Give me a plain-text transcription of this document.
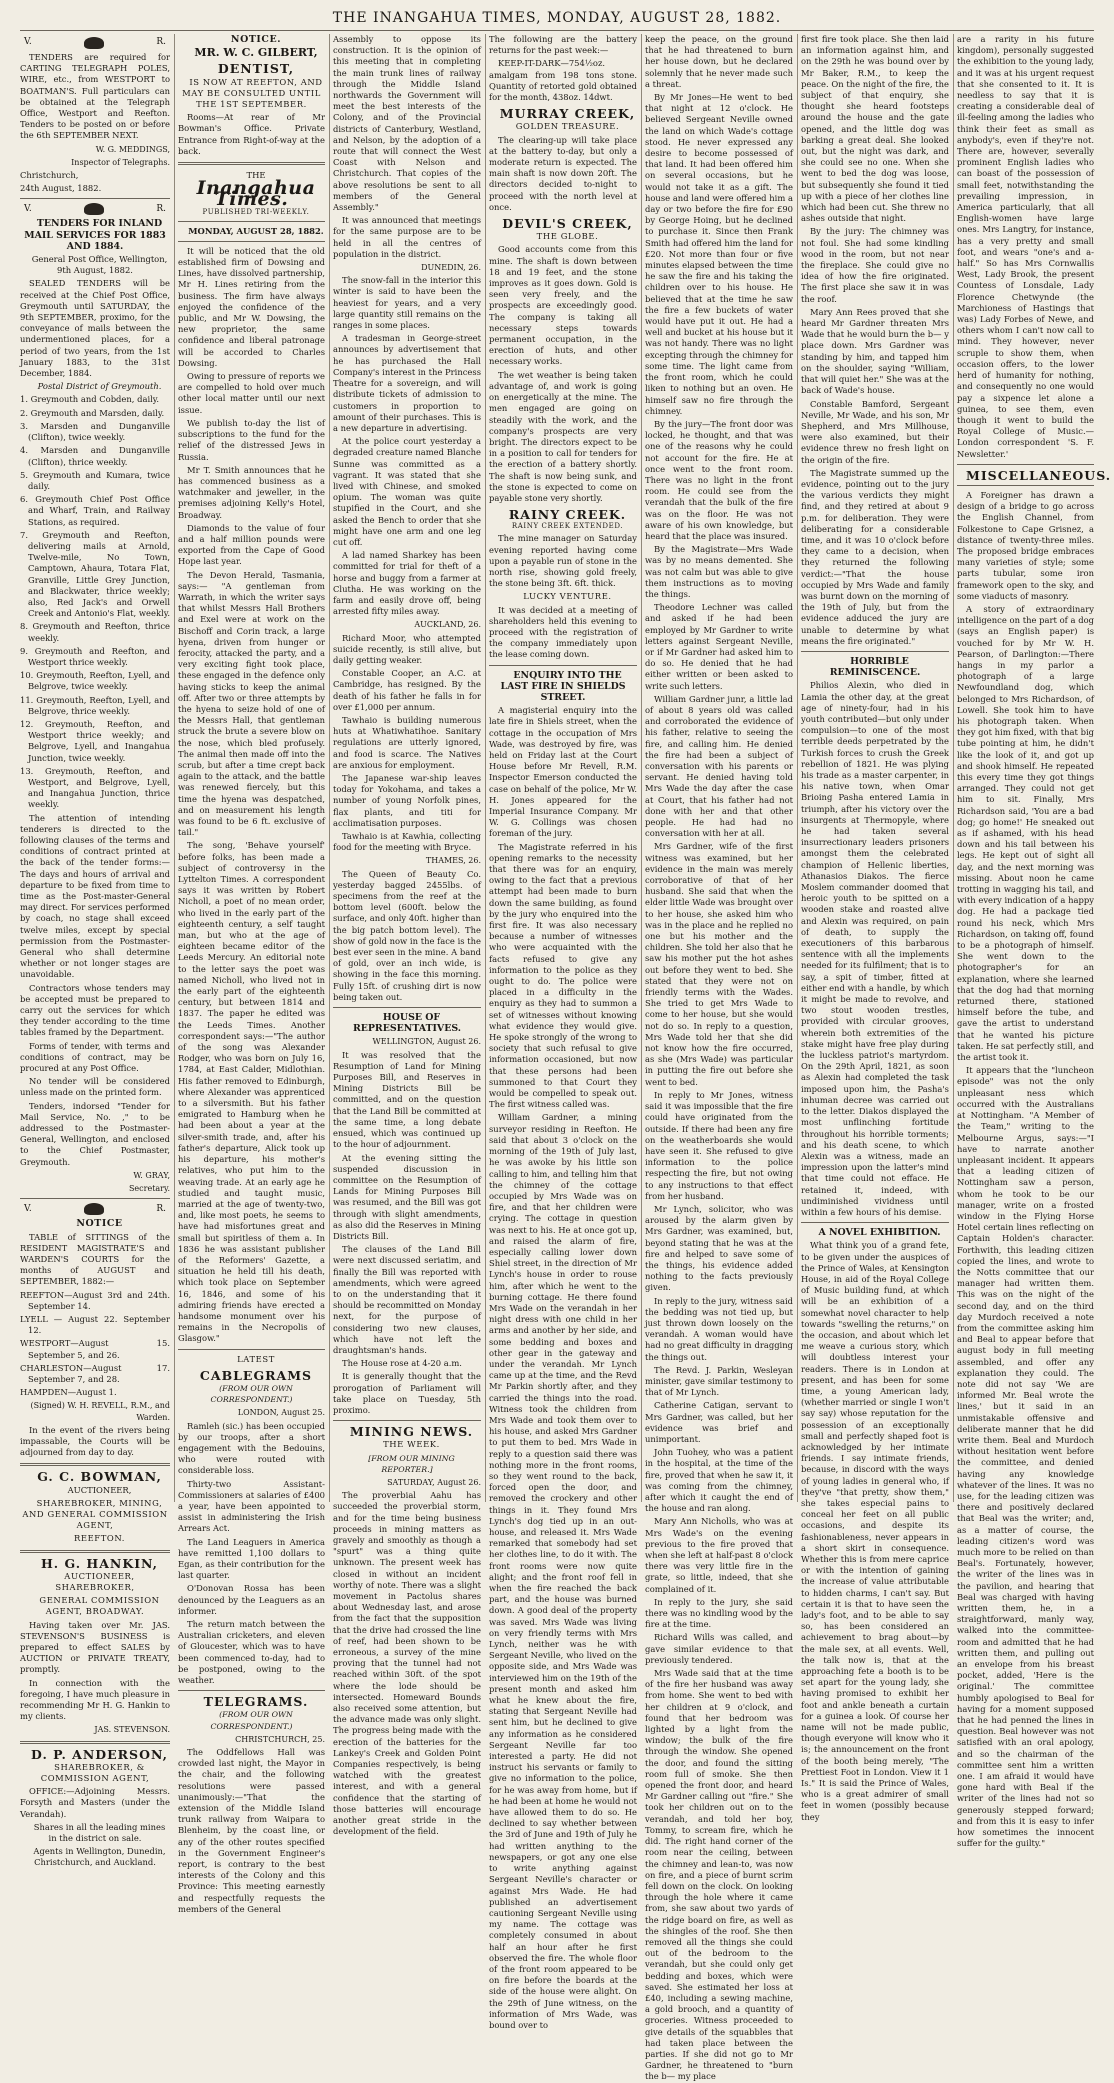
THE INANGAHUA TIMES, MONDAY, AUGUST 28, 1882.
V.	R.

TENDERS are required for CARTING TELEGRAPH POLES, WIRE, etc., from WESTPORT to BOATMAN'S. Full particulars can be obtained at the Telegraph Office, Westport and Reefton. Tenders to be posted on or before the 6th SEPTEMBER NEXT.

W. G. MEDDINGS,

Inspector of Telegraphs.

Christchurch,

24th August, 1882.

V.	R.

TENDERS FOR INLAND MAIL SERVICES FOR 1883 AND 1884.

General Post Office, Wellington, 9th August, 1882.

SEALED TENDERS will be received at the Chief Post Office, Greymouth until SATURDAY, the 9th SEPTEMBER, proximo, for the conveyance of mails between the undermentioned places, for a period of two years, from the 1st January 1883, to the 31st December, 1884.

Postal District of Greymouth.

1. Greymouth and Cobden, daily.

2. Greymouth and Marsden, daily.

3. Marsden and Dunganville (Clifton), twice weekly.

4. Marsden and Dunganville (Clifton), thrice weekly.

5. Greymouth and Kumara, twice daily.

6. Greymouth Chief Post Office and Wharf, Train, and Railway Stations, as required.

7. Greymouth and Reefton, delivering mails at Arnold, Twelve-mile, No Town, Camptown, Ahaura, Totara Flat, Granville, Little Grey Junction, and Blackwater, thrice weekly; also, Red Jack's and Orwell Creek and Antonio's Flat, weekly.

8. Greymouth and Reefton, thrice weekly.

9. Greymouth and Reefton, and Westport thrice weekly.

10. Greymouth, Reefton, Lyell, and Belgrove, twice weekly.

11. Greymouth, Reefton, Lyell, and Belgrove, thrice weekly.

12. Greymouth, Reefton, and Westport thrice weekly; and Belgrove, Lyell, and Inangahua Junction, twice weekly.

13. Greymouth, Reefton, and Westport, and Belgrove, Lyell, and Inangahua Junction, thrice weekly.

The attention of intending tenderers is directed to the following clauses of the terms and conditions of contract printed at the back of the tender forms:— The days and hours of arrival and departure to be fixed from time to time as the Post-master-General may direct. For services performed by coach, no stage shall exceed twelve miles, except by special permission from the Postmaster-General who shall determine whether or not longer stages are unavoidable.

Contractors whose tenders may be accepted must be prepared to carry out the services for which they tender according to the time tables framed by the Department.

Forms of tender, with terms and conditions of contract, may be procured at any Post Office.

No tender will be considered unless made on the printed form.

Tenders, indorsed "Tender for Mail Service, No. ," to be addressed to the Postmaster-General, Wellington, and enclosed to the Chief Postmaster, Greymouth.

W. GRAY,

Secretary.

V.	R.

NOTICE

TABLE of SITTINGS of the RESIDENT MAGISTRATE'S and WARDEN'S COURTS for the months of AUGUST and SEPTEMBER, 1882:—

REEFTON—August 3rd and 24th. September 14.

LYELL — August 22. September 12.

WESTPORT—August 15. September 5, and 26.

CHARLESTON—August 17. September 7, and 28.

HAMPDEN—August 1.

(Signed) W. H. REVELL, R.M., and Warden.

In the event of the rivers being impassable, the Courts will be adjourned from day to day.

G. C. BOWMAN,

AUCTIONEER,

SHAREBROKER, MINING, AND GENERAL COMMISSION AGENT,

REEFTON.

H. G. HANKIN,

AUCTIONEER, SHAREBROKER,

GENERAL COMMISSION AGENT, BROADWAY.

Having taken over Mr. JAS. STEVENSON'S BUSINESS is prepared to effect SALES by AUCTION or PRIVATE TREATY, promptly.

In connection with the foregoing, I have much pleasure in recommending Mr H. G. Hankin to my clients.

JAS. STEVENSON.

D. P. ANDERSON,

SHAREBROKER, & COMMISSION AGENT,

OFFICE:—Adjoining Messrs. Forsyth and Masters (under the Verandah).

Shares in all the leading mines in the district on sale.

Agents in Wellington, Dunedin, Christchurch, and Auckland.

NOTICE.

MR. W. C. GILBERT,

DENTIST,

IS NOW AT REEFTON, AND MAY BE CONSULTED UNTIL THE 1ST SEPTEMBER.

Rooms—At rear of Mr Bowman's Office. Private Entrance from Right-of-way at the back.

THE

Inangahua Times.

PUBLISHED TRI-WEEKLY.

MONDAY, AUGUST 28, 1882.

It will be noticed that the old established firm of Dowsing and Lines, have dissolved partnership, Mr H. Lines retiring from the business. The firm have always enjoyed the confidence of the public, and Mr W. Dowsing, the new proprietor, the same confidence and liberal patronage will be accorded to Charles Dowsing.

Owing to pressure of reports we are compelled to hold over much other local matter until our next issue.

We publish to-day the list of subscriptions to the fund for the relief of the distressed Jews in Russia.

Mr T. Smith announces that he has commenced business as a watchmaker and jeweller, in the premises adjoining Kelly's Hotel, Broadway.

Diamonds to the value of four and a half million pounds were exported from the Cape of Good Hope last year.

The Devon Herald, Tasmania, says:— "A gentleman from Warrath, in which the writer says that whilst Messrs Hall Brothers and Exel were at work on the Bischoff and Corin track, a large hyena, driven from hunger or ferocity, attacked the party, and a very exciting fight took place, these engaged in the defence only having sticks to keep the animal off. After two or three attempts by the hyena to seize hold of one of the Messrs Hall, that gentleman struck the brute a severe blow on the nose, which bled profusely. The animal then made off into the scrub, but after a time crept back again to the attack, and the battle was renewed fiercely, but this time the hyena was despatched, and on measurement his length was found to be 6 ft. exclusive of tail."

The song, 'Behave yourself' before folks, has been made a subject of controversy in the Lyttelton Times. A correspondent says it was written by Robert Nicholl, a poet of no mean order, who lived in the early part of the eighteenth century, a self taught man, but who at the age of eighteen became editor of the Leeds Mercury. An editorial note to the letter says the poet was named Nicholl, who lived not in the early part of the eighteenth century, but between 1814 and 1837. The paper he edited was the Leeds Times. Another correspondent says:—"The author of the song was Alexander Rodger, who was born on July 16, 1784, at East Calder, Midlothian. His father removed to Edinburgh, where Alexander was apprenticed to a silversmith. But his father emigrated to Hamburg when he had been about a year at the silver-smith trade, and, after his father's departure, Alick took up his departure, his mother's relatives, who put him to the weaving trade. At an early age he studied and taught music, married at the age of twenty-two, and, like most poets, he seems to have had misfortunes great and small but spiritless of them a. In 1836 he was assistant publisher of the Reformers' Gazette, a situation he held till his death, which took place on September 16, 1846, and some of his admiring friends have erected a handsome monument over his remains in the Necropolis of Glasgow."

LATEST

CABLEGRAMS

(FROM OUR OWN CORRESPONDENT.)

LONDON, August 25.

Ramleh (sic.) has been occupied by our troops, after a short engagement with the Bedouins, who were routed with considerable loss.

Thirty-two Assistant-Commissioners at salaries of £400 a year, have been appointed to assist in administering the Irish Arrears Act.

The Land Leaguers in America have remitted 1,100 dollars to Egan, as their contribution for the last quarter.

O'Donovan Rossa has been denounced by the Leaguers as an informer.

The return match between the Australian cricketers, and eleven of Gloucester, which was to have been commenced to-day, had to be postponed, owing to the weather.

TELEGRAMS.

(FROM OUR OWN CORRESPONDENT.)

CHRISTCHURCH, 25.

The Oddfellows Hall was crowded last night, the Mayor in the chair, and the following resolutions were passed unanimously:—"That the extension of the Middle Island trunk railway from Waipara to Blenheim, by the coast line, or any of the other routes specified in the Government Engineer's report, is contrary to the best interests of the Colony and this Province: This meeting earnestly and respectfully requests the members of the General

Assembly to oppose its construction. It is the opinion of this meeting that in completing the main trunk lines of railway through the Middle Island northwards the Government will meet the best interests of the Colony, and of the Provincial districts of Canterbury, Westland, and Nelson, by the adoption of a route that will connect the West Coast with Nelson and Christchurch. That copies of the above resolutions be sent to all members of the General Assembly."

It was announced that meetings for the same purpose are to be held in all the centres of population in the district.

DUNEDIN, 26.

The snow-fall in the interior this winter is said to have been the heaviest for years, and a very large quantity still remains on the ranges in some places.

A tradesman in George-street announces by advertisement that he has purchased the Hall Company's interest in the Princess Theatre for a sovereign, and will distribute tickets of admission to customers in proportion to amount of their purchases. This is a new departure in advertising.

At the police court yesterday a degraded creature named Blanche Sunne was committed as a vagrant. It was stated that she lived with Chinese, and smoked opium. The woman was quite stupified in the Court, and she asked the Bench to order that she might have one arm and one leg cut off.

A lad named Sharkey has been committed for trial for theft of a horse and buggy from a farmer at Clutha. He was working on the farm and easily drove off, being arrested fifty miles away.

AUCKLAND, 26.

Richard Moor, who attempted suicide recently, is still alive, but daily getting weaker.

Constable Cooper, an A.C. at Cambridge, has resigned. By the death of his father he falls in for over £1,000 per annum.

Tawhaio is building numerous huts at Whatiwhatihoe. Sanitary regulations are utterly ignored, and food is scarce. The Natives are anxious for employment.

The Japanese war-ship leaves today for Yokohama, and takes a number of young Norfolk pines, flax plants, and titi for acclimatisation purposes.

Tawhaio is at Kawhia, collecting food for the meeting with Bryce.

THAMES, 26.

The Queen of Beauty Co. yesterday bagged 2455lbs. of specimens from the reef at the bottom level (600ft. below the surface, and only 40ft. higher than the big patch bottom level). The show of gold now in the face is the best ever seen in the mine. A band of gold, over an inch wide, is showing in the face this morning. Fully 15ft. of crushing dirt is now being taken out.

HOUSE OF REPRESENTATIVES.

WELLINGTON, August 26.

It was resolved that the Resumption of Land for Mining Purposes Bill, and Reserves in Mining Districts Bill be committed, and on the question that the Land Bill be committed at the same time, a long debate ensued, which was continued up to the hour of adjournment.

At the evening sitting the suspended discussion in committee on the Resumption of Lands for Mining Purposes Bill was resumed, and the Bill was got through with slight amendments, as also did the Reserves in Mining Districts Bill.

The clauses of the Land Bill were next discussed seriatim, and finally the Bill was reported with amendments, which were agreed to on the understanding that it should be recommitted on Monday next, for the purpose of considering two new clauses, which have not left the draughtsman's hands.

The House rose at 4-20 a.m.

It is generally thought that the prorogation of Parliament will take place on Tuesday, 5th proximo.

MINING NEWS.

THE WEEK.

[FROM OUR MINING REPORTER.]

SATURDAY, August 26.

The proverbial Aahu has succeeded the proverbial storm, and for the time being business proceeds in mining matters as gravely and smoothly as though a "spurt" was a thing quite unknown. The present week has closed in without an incident worthy of note. There was a slight movement in Pactolus shares about Wednesday last, and arose from the fact that the supposition that the drive had crossed the line of reef, had been shown to be erroneous, a survey of the mine proving that the tunnel had not reached within 30ft. of the spot where the lode should be intersected. Homeward Bounds also received some attention, but the advance made was only slight. The progress being made with the erection of the batteries for the Lankey's Creek and Golden Point Companies respectively, is being watched with the greatest interest, and with a general confidence that the starting of those batteries will encourage another great stride in the development of the field.

The following are the battery returns for the past week:—

KEEP-IT-DARK—754½oz. amalgam from 198 tons stone. Quantity of retorted gold obtained for the month, 438oz. 14dwt.

MURRAY CREEK,

GOLDEN TREASURE.

The clearing-up will take place at the battery to-day, but only a moderate return is expected. The main shaft is now down 20ft. The directors decided to-night to proceed with the north level at once.

DEVIL'S CREEK,

THE GLOBE.

Good accounts come from this mine. The shaft is down between 18 and 19 feet, and the stone improves as it goes down. Gold is seen very freely, and the prospects are exceedingly good. The company is taking all necessary steps towards permanent occupation, in the erection of huts, and other necessary works.

The wet weather is being taken advantage of, and work is going on energetically at the mine. The men engaged are going on steadily with the work, and the company's prospects are very bright. The directors expect to be in a position to call for tenders for the erection of a battery shortly. The shaft is now being sunk, and the stone is expected to come on payable stone very shortly.

RAINY CREEK.

RAINY CREEK EXTENDED.

The mine manager on Saturday evening reported having come upon a payable run of stone in the north rise, showing gold freely, the stone being 3ft. 6ft. thick.

LUCKY VENTURE.

It was decided at a meeting of shareholders held this evening to proceed with the registration of the company immediately upon the lease coming down.

ENQUIRY INTO THE LAST FIRE IN SHIELDS STREET.

A magisterial enquiry into the late fire in Shiels street, when the cottage in the occupation of Mrs Wade, was destroyed by fire, was held on Friday last at the Court House before Mr Revell, R.M. Inspector Emerson conducted the case on behalf of the police, Mr W. H. Jones appeared for the Imperial Insurance Company. Mr W. G. Collings was chosen foreman of the jury.

The Magistrate referred in his opening remarks to the necessity that there was for an enquiry, owing to the fact that a previous attempt had been made to burn down the same building, as found by the jury who enquired into the first fire. It was also necessary because a number of witnesses who were acquainted with the facts refused to give any information to the police as they ought to do. The police were placed in a difficulty in the enquiry as they had to summon a set of witnesses without knowing what evidence they would give. He spoke strongly of the wrong to society that such refusal to give information occasioned, but now that these persons had been summoned to that Court they would be compelled to speak out. The first witness called was.

William Gardner, a mining surveyor residing in Reefton. He said that about 3 o'clock on the morning of the 19th of July last, he was awoke by his little son calling to him, and telling him that the chimney of the cottage occupied by Mrs Wade was on fire, and that her children were crying. The cottage in question was next to his. He at once got up, and raised the alarm of fire, especially calling lower down Shiel street, in the direction of Mr Lynch's house in order to rouse him, after which he went to the burning cottage. He there found Mrs Wade on the verandah in her night dress with one child in her arms and another by her side, and some bedding and boxes and other gear in the gateway and under the verandah. Mr Lynch came up at the time, and the Revd Mr Parkin shortly after, and they carried the things into the road. Witness took the children from Mrs Wade and took them over to his house, and asked Mrs Gardner to put them to bed. Mrs Wade in reply to a question said there was nothing more in the front rooms, so they went round to the back, forced open the door, and removed the crockery and other things in it. They found Mrs Lynch's dog tied up in an out-house, and released it. Mrs Wade remarked that somebody had set her clothes line, to do it with. The front rooms were now quite alight; and the front roof fell in when the fire reached the back part, and the house was burned down. A good deal of the property was saved. Mrs Wade was living on very friendly terms with Mrs Lynch, neither was he with Sergeant Neville, who lived on the opposite side, and Mrs Wade was interviewed him on the 19th of the present month and asked him what he knew about the fire, stating that Sergeant Neville had sent him, but he declined to give any information as he considered Sergeant Neville far too interested a party. He did not instruct his servants or family to give no information to the police, for he was away from home, but if he had been at home he would not have allowed them to do so. He declined to say whether between the 3rd of June and 19th of July he had written anything to the newspapers, or got any one else to write anything against Sergeant Neville's character or against Mrs Wade. He had published an advertisement cautioning Sergeant Neville using my name. The cottage was completely consumed in about half an hour after he first observed the fire. The whole floor of the front room appeared to be on fire before the boards at the side of the house were alight. On the 29th of June witness, on the information of Mrs Wade, was bound over to

keep the peace, on the ground that he had threatened to burn her house down, but he declared solemnly that he never made such a threat.

By Mr Jones—He went to bed that night at 12 o'clock. He believed Sergeant Neville owned the land on which Wade's cottage stood. He never expressed any desire to become possessed of that land. It had been offered him on several occasions, but he would not take it as a gift. The house and land were offered him a day or two before the fire for £90 by George Hoing, but he declined to purchase it. Since then Frank Smith had offered him the land for £20. Not more than four or five minutes elapsed between the time he saw the fire and his taking the children over to his house. He believed that at the time he saw the fire a few buckets of water would have put it out. He had a well and bucket at his house but it was not handy. There was no light excepting through the chimney for some time. The light came from the front room, which he could liken to nothing but an oven. He himself saw no fire through the chimney.

By the jury—The front door was locked, he thought, and that was one of the reasons why he could not account for the fire. He at once went to the front room. There was no light in the front room. He could see from the verandah that the bulk of the fire was on the floor. He was not aware of his own knowledge, but heard that the place was insured.

By the Magistrate—Mrs Wade was by no means demented. She was not calm but was able to give them instructions as to moving the things.

Theodore Lechner was called and asked if he had been employed by Mr Gardner to write letters against Sergeant Neville, or if Mr Gardner had asked him to do so. He denied that he had either written or been asked to write such letters.

William Gardner junr, a little lad of about 8 years old was called and corroborated the evidence of his father, relative to seeing the fire, and calling him. He denied the fire had been a subject of conversation with his parents or servant. He denied having told Mrs Wade the day after the case at Court, that his father had not done with her and that other people. He had had no conversation with her at all.

Mrs Gardner, wife of the first witness was examined, but her evidence in the main was merely corroborative of that of her husband. She said that when the elder little Wade was brought over to her house, she asked him who was in the place and he replied no one but his mother and the children. She told her also that he saw his mother put the hot ashes out before they went to bed. She stated that they were not on friendly terms with the Wades. She tried to get Mrs Wade to come to her house, but she would not do so. In reply to a question, Mrs Wade told her that she did not know how the fire occurred, as she (Mrs Wade) was particular in putting the fire out before she went to bed.

In reply to Mr Jones, witness said it was impossible that the fire could have originated from the outside. If there had been any fire on the weatherboards she would have seen it. She refused to give information to the police respecting the fire, but not owing to any instructions to that effect from her husband.

Mr Lynch, solicitor, who was aroused by the alarm given by Mrs Gardner, was examined, but, beyond stating that he was at the fire and helped to save some of the things, his evidence added nothing to the facts previously given.

In reply to the jury, witness said the bedding was not tied up, but just thrown down loosely on the verandah. A woman would have had no great difficulty in dragging the things out.

The Revd. J. Parkin, Wesleyan minister, gave similar testimony to that of Mr Lynch.

Catherine Catigan, servant to Mrs Gardner, was called, but her evidence was brief and unimportant.

John Tuohey, who was a patient in the hospital, at the time of the fire, proved that when he saw it, it was coming from the chimney, after which it caught the end of the house and ran along.

Mary Ann Nicholls, who was at Mrs Wade's on the evening previous to the fire proved that when she left at half-past 8 o'clock there was very little fire in the grate, so little, indeed, that she complained of it.

In reply to the jury, she said there was no kindling wood by the fire at the time.

Richard Wills was called, and gave similar evidence to that previously tendered.

Mrs Wade said that at the time of the fire her husband was away from home. She went to bed with her children at 9 o'clock, and found that her bedroom was lighted by a light from the window; the bulk of the fire through the window. She opened the door, and found the sitting room full of smoke. She then opened the front door, and heard Mr Gardner calling out "fire." She took her children out on to the verandah, and told her boy, Tommy, to scream fire, which he did. The right hand corner of the room near the ceiling, between the chimney and lean-to, was now on fire, and a piece of burnt scrim fell down on the clock. On looking through the hole where it came from, she saw about two yards of the ridge board on fire, as well as the shingles of the roof. She then removed all the things she could out of the bedroom to the verandah, but she could only get bedding and boxes, which were saved. She estimated her loss at £40, including a sewing machine, a gold brooch, and a quantity of groceries. Witness proceeded to give details of the squabbles that had taken place between the parties. If she did not go to Mr Gardner, he threatened to "burn the b— my place

first fire took place. She then laid an information against him, and on the 29th he was bound over by Mr Baker, R.M., to keep the peace. On the night of the fire, the subject of that enquiry, she thought she heard footsteps around the house and the gate opened, and the little dog was barking a great deal. She looked out, but the night was dark, and she could see no one. When she went to bed the dog was loose, but subsequently she found it tied up with a piece of her clothes line which had been cut. She threw no ashes outside that night.

By the jury: The chimney was not foul. She had some kindling wood in the room, but not near the fireplace. She could give no idea of how the fire originated. The first place she saw it in was the roof.

Mary Ann Rees proved that she heard Mr Gardner threaten Mrs Wade that he would burn the b— y place down. Mrs Gardner was standing by him, and tapped him on the shoulder, saying "William, that will quiet her." She was at the back of Wade's house.

Constable Bamford, Sergeant Neville, Mr Wade, and his son, Mr Shepherd, and Mrs Millhouse, were also examined, but their evidence threw no fresh light on the origin of the fire.

The Magistrate summed up the evidence, pointing out to the jury the various verdicts they might find, and they retired at about 9 p.m. for deliberation. They were deliberating for a considerable time, and it was 10 o'clock before they came to a decision, when they returned the following verdict:—"That the house occupied by Mrs Wade and family was burnt down on the morning of the 19th of July, but from the evidence adduced the jury are unable to determine by what means the fire originated."

HORRIBLE REMINISCENCE.

Philios Alexin, who died in Lamia the other day, at the great age of ninety-four, had in his youth contributed—but only under compulsion—to one of the most terrible deeds perpetrated by the Turkish forces to crush the Greek rebellion of 1821. He was plying his trade as a master carpenter, in his native town, when Omar Brioing Pasha entered Lamia in triumph, after his victory over the insurgents at Thermopyle, where he had taken several insurrectionary leaders prisoners amongst them the celebrated champion of Hellenic liberties, Athanasios Diakos. The fierce Moslem commander doomed that heroic youth to be spitted on a wooden stake and roasted alive and Alexin was required, on pain of death, to supply the executioners of this barbarous sentence with all the implements needed for its fulfilment; that is to say, a spit of timber, fitted at either end with a handle, by which it might be made to revolve, and two stout wooden trestles, provided with circular grooves, wherein both extremities of the stake might have free play during the luckless patriot's martyrdom. On the 29th April, 1821, as soon as Alexin had completed the task imposed upon him, the Pasha's inhuman decree was carried out to the letter. Diakos displayed the most unflinching fortitude throughout his horrible torments; and his death scene, to which Alexin was a witness, made an impression upon the latter's mind that time could not efface. He retained it, indeed, with undiminished vividness until within a few hours of his demise.

A NOVEL EXHIBITION.

What think you of a grand fete, to be given under the auspices of the Prince of Wales, at Kensington House, in aid of the Royal College of Music building fund, at which will be an exhibition of a somewhat novel character to help towards "swelling the returns," on the occasion, and about which let me weave a curious story, which will doubtless interest your readers. There is in London at present, and has been for some time, a young American lady, (whether married or single I won't say say) whose reputation for the possession of an exceptionally small and perfectly shaped foot is acknowledged by her intimate friends. I say intimate friends, because, in discord with the ways of young ladies in general who, if they've "that pretty, show them," she takes especial pains to conceal her feet on all public occasions, and despite its fashionableness, never appears in a short skirt in consequence. Whether this is from mere caprice or with the intention of gaining the increase of value attributable to hidden charms, I can't say. But certain it is that to have seen the lady's foot, and to be able to say so, has been considered an achievement to brag about—by the male sex, at all events. Well, the talk now is, that at the approaching fete a booth is to be set apart for the young lady, she having promised to exhibit her foot and ankle beneath a curtain for a guinea a look. Of course her name will not be made public, though everyone will know who it is; the announcement on the front of the booth being merely, "The Prettiest Foot in London. View it 1 Is." It is said the Prince of Wales, who is a great admirer of small feet in women (possibly because they

are a rarity in his future kingdom), personally suggested the exhibition to the young lady, and it was at his urgent request that she consented to it. It is needless to say that it is creating a considerable deal of ill-feeling among the ladies who think their feet as small as anybody's, even if they're not. There are, however, severally prominent English ladies who can boast of the possession of small feet, notwithstanding the prevailing impression, in America particularly, that all English-women have large ones. Mrs Langtry, for instance, has a very pretty and small foot, and wears "one's and a-half." So has Mrs Cornwallis West, Lady Brook, the present Countess of Lonsdale, Lady Florence Chetwynde (the Marchioness of Hastings that was) Lady Forbes of Newe, and others whom I can't now call to mind. They however, never scruple to show them, when occasion offers, to the lower herd of humanity for nothing, and consequently no one would pay a sixpence let alone a guinea, to see them, even though it went to build the Royal College of Music.—London correspondent 'S. F. Newsletter.'

MISCELLANEOUS.

A Foreigner has drawn a design of a bridge to go across the English Channel, from Folkestone to Cape Grisnez, a distance of twenty-three miles. The proposed bridge embraces many varieties of style; some parts tubular, some iron framework open to the sky, and some viaducts of masonry.

A story of extraordinary intelligence on the part of a dog (says an English paper) is vouched for by Mr W. H. Pearson, of Darlington:—There hangs in my parlor a photograph of a large Newfoundland dog, which belonged to Mrs Richardson, of Lowell. She took him to have his photograph taken. When they got him fixed, with that big tube pointing at him, he didn't like the look of it, and got up and shook himself. He repeated this every time they got things arranged. They could not get him to sit. Finally, Mrs Richardson said, 'You are a bad dog; go home!' He sneaked out as if ashamed, with his head down and his tail between his legs. He kept out of sight all day, and the next morning was missing. About noon he came trotting in wagging his tail, and with every indication of a happy dog. He had a package tied round his neck, which Mrs Richardson, on taking off, found to be a photograph of himself. She went down to the photographer's for an explanation, where she learned that the dog had that morning returned there, stationed himself before the tube, and gave the artist to understand that he wanted his picture taken. He sat perfectly still, and the artist took it.

It appears that the "luncheon episode" was not the only unpleasant ness which occurred with the Australians at Nottingham. "A Member of the Team," writing to the Melbourne Argus, says:—"I have to narrate another unpleasant incident. It appears that a leading citizen of Nottingham saw a person, whom he took to be our manager, write on a frosted window in the Flying Horse Hotel certain lines reflecting on Captain Holden's character. Forthwith, this leading citizen copied the lines, and wrote to the Notts committee that our manager had written them. This was on the night of the second day, and on the third day Murdoch received a note from the committee asking him and Beal to appear before that august body in full meeting assembled, and offer any explanation they could. The note did not say 'We are informed Mr. Beal wrote the lines,' but it said in an unmistakable offensive and deliberate manner that he did write them. Beal and Murdoch without hesitation went before the committee, and denied having any knowledge whatever of the lines. It was no use, for the leading citizen was there and positively declared that Beal was the writer; and, as a matter of course, the leading citizen's word was much more to be relied on than Beal's. Fortunately, however, the writer of the lines was in the pavilion, and hearing that Beal was charged with having written them, he, in a straightforward, manly way, walked into the committee-room and admitted that he had written them, and pulling out an envelope from his breast pocket, added, 'Here is the original.' The committee humbly apologised to Beal for having for a moment supposed that he had penned the lines in question. Beal however was not satisfied with an oral apology, and so the chairman of the committee sent him a written one. I am afraid it would have gone hard with Beal if the writer of the lines had not so generously stepped forward; and from this it is easy to infer how sometimes the innocent suffer for the guilty."
